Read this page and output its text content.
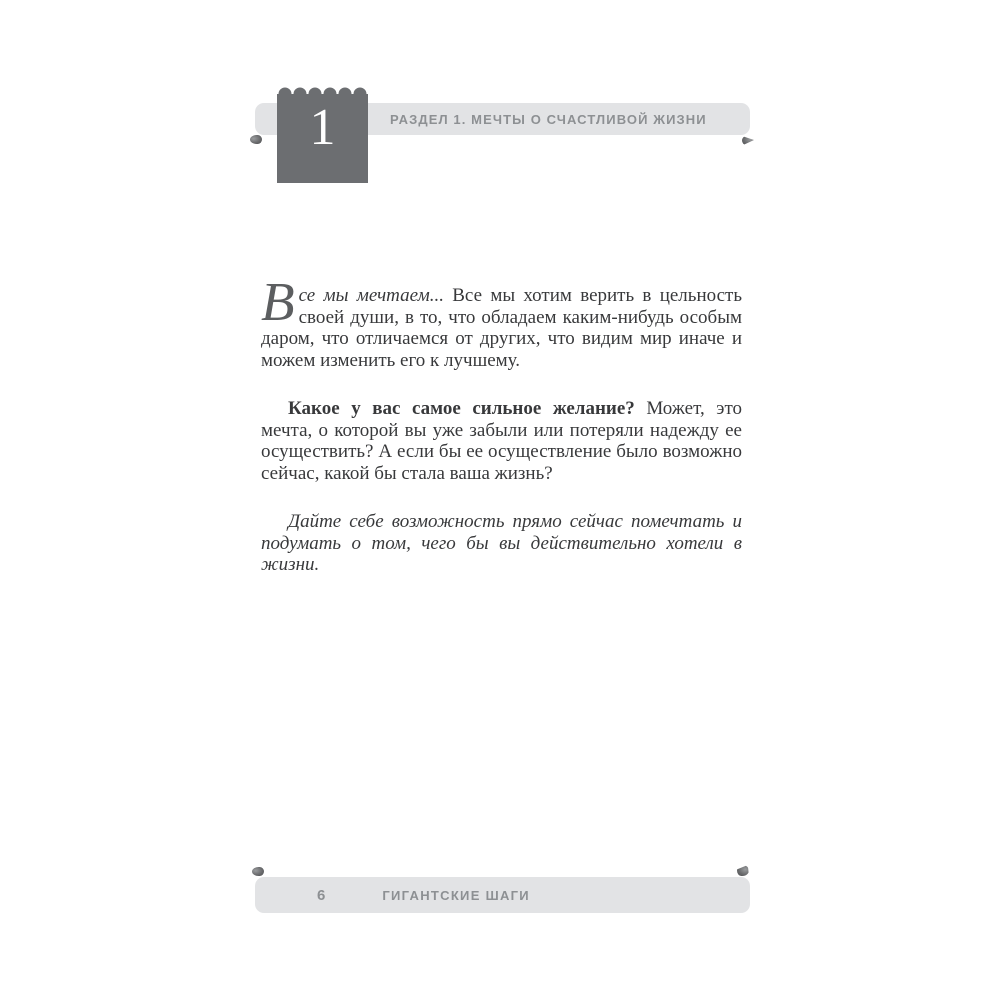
РАЗДЕЛ 1. МЕЧТЫ О СЧАСТЛИВОЙ ЖИЗНИ
1

Все мы мечтаем... Все мы хотим верить в цельность своей души, в то, что обладаем каким-нибудь особым даром, что отличаемся от других, что видим мир иначе и можем изменить его к лучшему.

Какое у вас самое сильное желание? Может, это мечта, о которой вы уже забыли или потеряли надежду ее осуществить? А если бы ее осуществление было возможно сейчас, какой бы стала ваша жизнь?

Дайте себе возможность прямо сейчас помечтать и подумать о том, чего бы вы действительно хотели в жизни.

6	ГИГАНТСКИЕ ШАГИ
